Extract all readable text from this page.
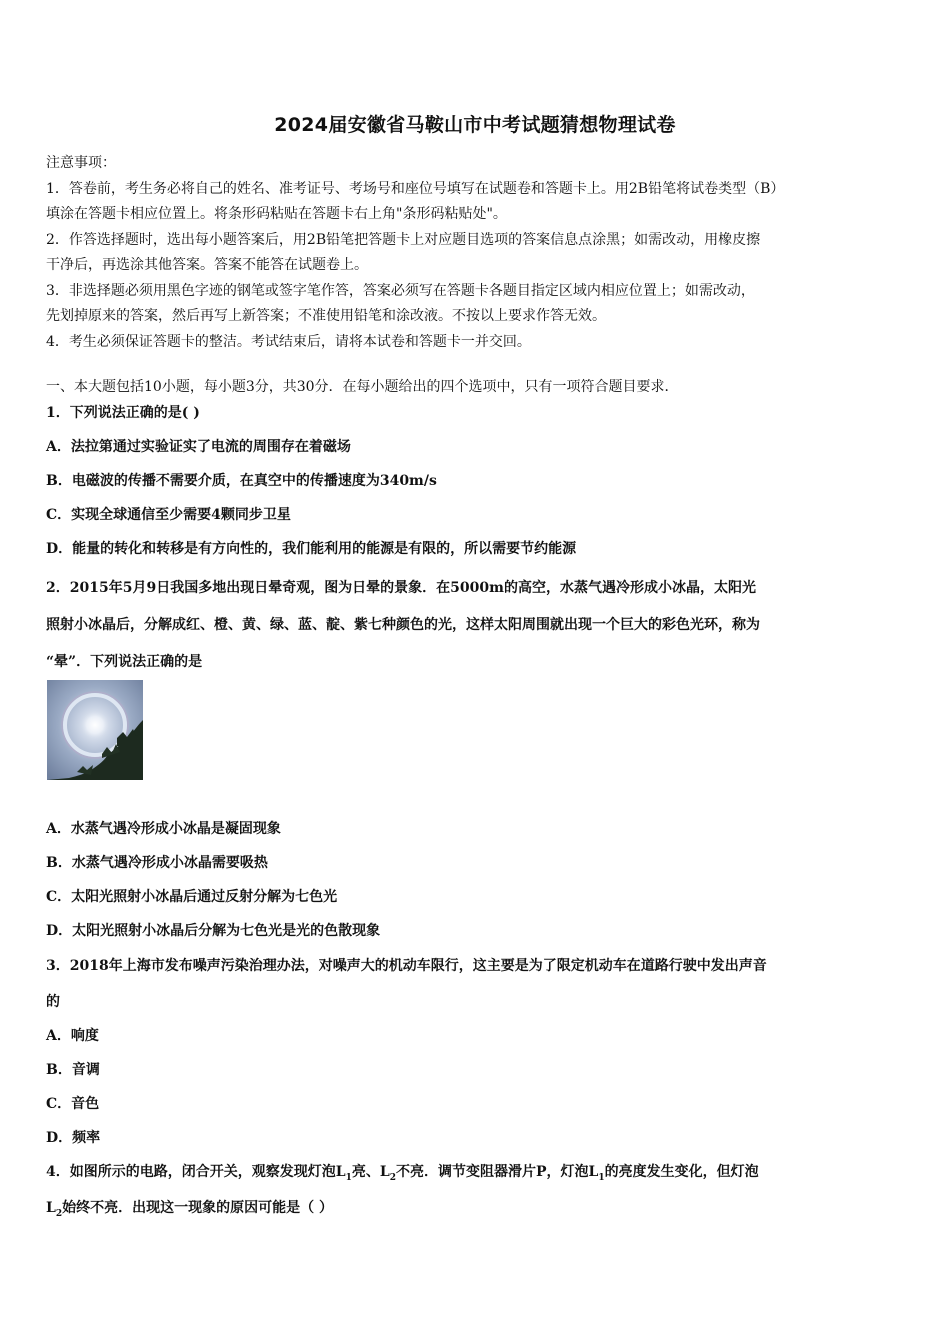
2024届安徽省马鞍山市中考试题猜想物理试卷
注意事项：
1．答卷前，考生务必将自己的姓名、准考证号、考场号和座位号填写在试题卷和答题卡上。用2B铅笔将试卷类型（B）
填涂在答题卡相应位置上。将条形码粘贴在答题卡右上角"条形码粘贴处"。
2．作答选择题时，选出每小题答案后，用2B铅笔把答题卡上对应题目选项的答案信息点涂黑；如需改动，用橡皮擦
干净后，再选涂其他答案。答案不能答在试题卷上。
3．非选择题必须用黑色字迹的钢笔或签字笔作答，答案必须写在答题卡各题目指定区域内相应位置上；如需改动，
先划掉原来的答案，然后再写上新答案；不准使用铅笔和涂改液。不按以上要求作答无效。
4．考生必须保证答题卡的整洁。考试结束后，请将本试卷和答题卡一并交回。
一、本大题包括10小题，每小题3分，共30分．在每小题给出的四个选项中，只有一项符合题目要求．
1．下列说法正确的是( )
A．法拉第通过实验证实了电流的周围存在着磁场
B．电磁波的传播不需要介质，在真空中的传播速度为340m/s
C．实现全球通信至少需要4颗同步卫星
D．能量的转化和转移是有方向性的，我们能利用的能源是有限的，所以需要节约能源
2．2015年5月9日我国多地出现日晕奇观，图为日晕的景象．在5000m的高空，水蒸气遇冷形成小冰晶，太阳光
照射小冰晶后，分解成红、橙、黄、绿、蓝、靛、紫七种颜色的光，这样太阳周围就出现一个巨大的彩色光环，称为
“晕”．下列说法正确的是
A．水蒸气遇冷形成小冰晶是凝固现象
B．水蒸气遇冷形成小冰晶需要吸热
C．太阳光照射小冰晶后通过反射分解为七色光
D．太阳光照射小冰晶后分解为七色光是光的色散现象
3．2018年上海市发布噪声污染治理办法，对噪声大的机动车限行，这主要是为了限定机动车在道路行驶中发出声音
的
A．响度
B．音调
C．音色
D．频率
4．如图所示的电路，闭合开关，观察发现灯泡$L_1$亮、$L_2$不亮．调节变阻器滑片P，灯泡$L_1$的亮度发生变化，但灯泡
$L_2$始终不亮．出现这一现象的原因可能是（ ）
